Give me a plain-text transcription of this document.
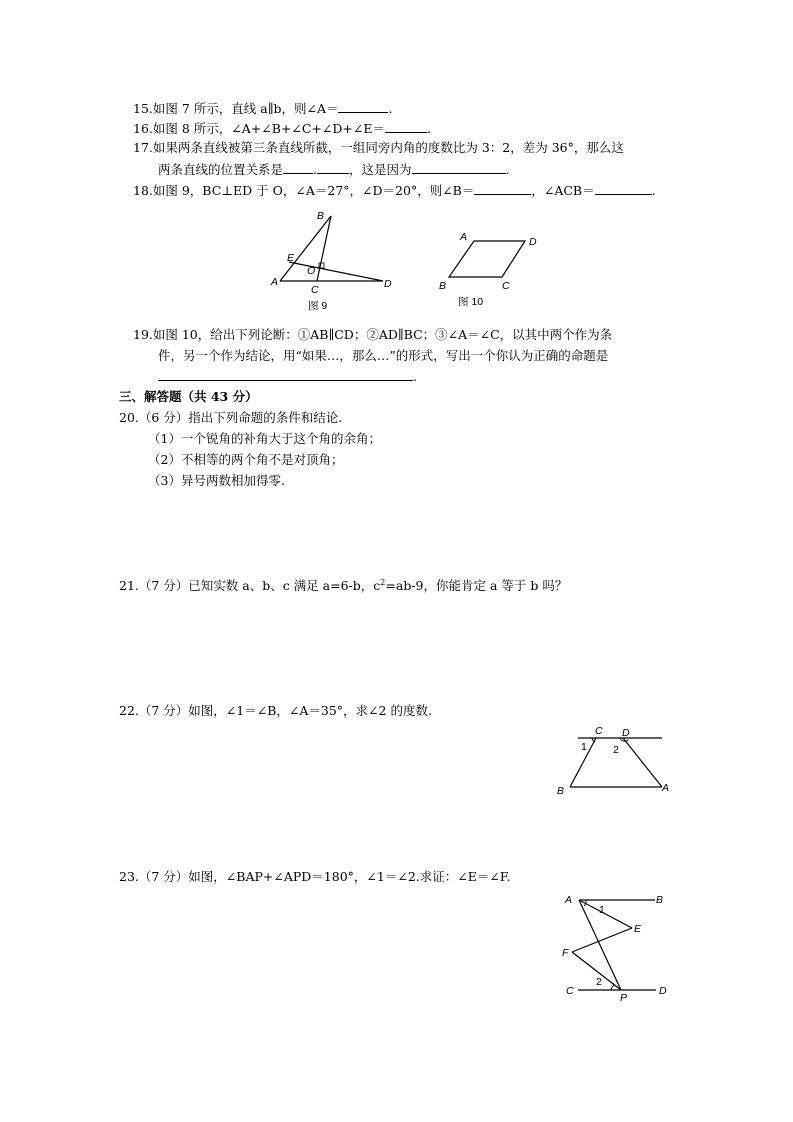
15.如图 7 所示，直线 a∥b，则∠A＝	.
16.如图 8 所示，∠A+∠B+∠C+∠D+∠E＝	.
17.如果两条直线被第三条直线所截，一组同旁内角的度数比为 3：2，差为 36°，那么这
两条直线的位置关系是 .	，这是因为	.
18.如图 9，BC⊥ED 于 O，∠A＝27°，∠D＝20°，则∠B＝	，∠ACB＝	.
B
E
O
A
C	D
图 9
A	D
B	C
图 10
19.如图 10，给出下列论断：①AB∥CD；②AD∥BC；③∠A＝∠C，以其中两个作为条
件，另一个作为结论，用“如果…，那么…”的形式，写出一个你认为正确的命题是
.
三、解答题（共 43 分）
20.（6 分）指出下列命题的条件和结论.
（1）一个锐角的补角大于这个角的余角；
（2）不相等的两个角不是对顶角；
（3）异号两数相加得零.
21.（7 分）已知实数 a、b、c 满足 a=6-b，$c^2=ab-9$，你能肯定 a 等于 b 吗？
22.（7 分）如图，∠1＝∠B，∠A＝35°，求∠2 的度数.
C D
1 2
B	A
23.（7 分）如图，∠BAP+∠APD＝180°，∠1＝∠2.求证：∠E＝∠F.
A	B
1
E
F
2
C
P
D
